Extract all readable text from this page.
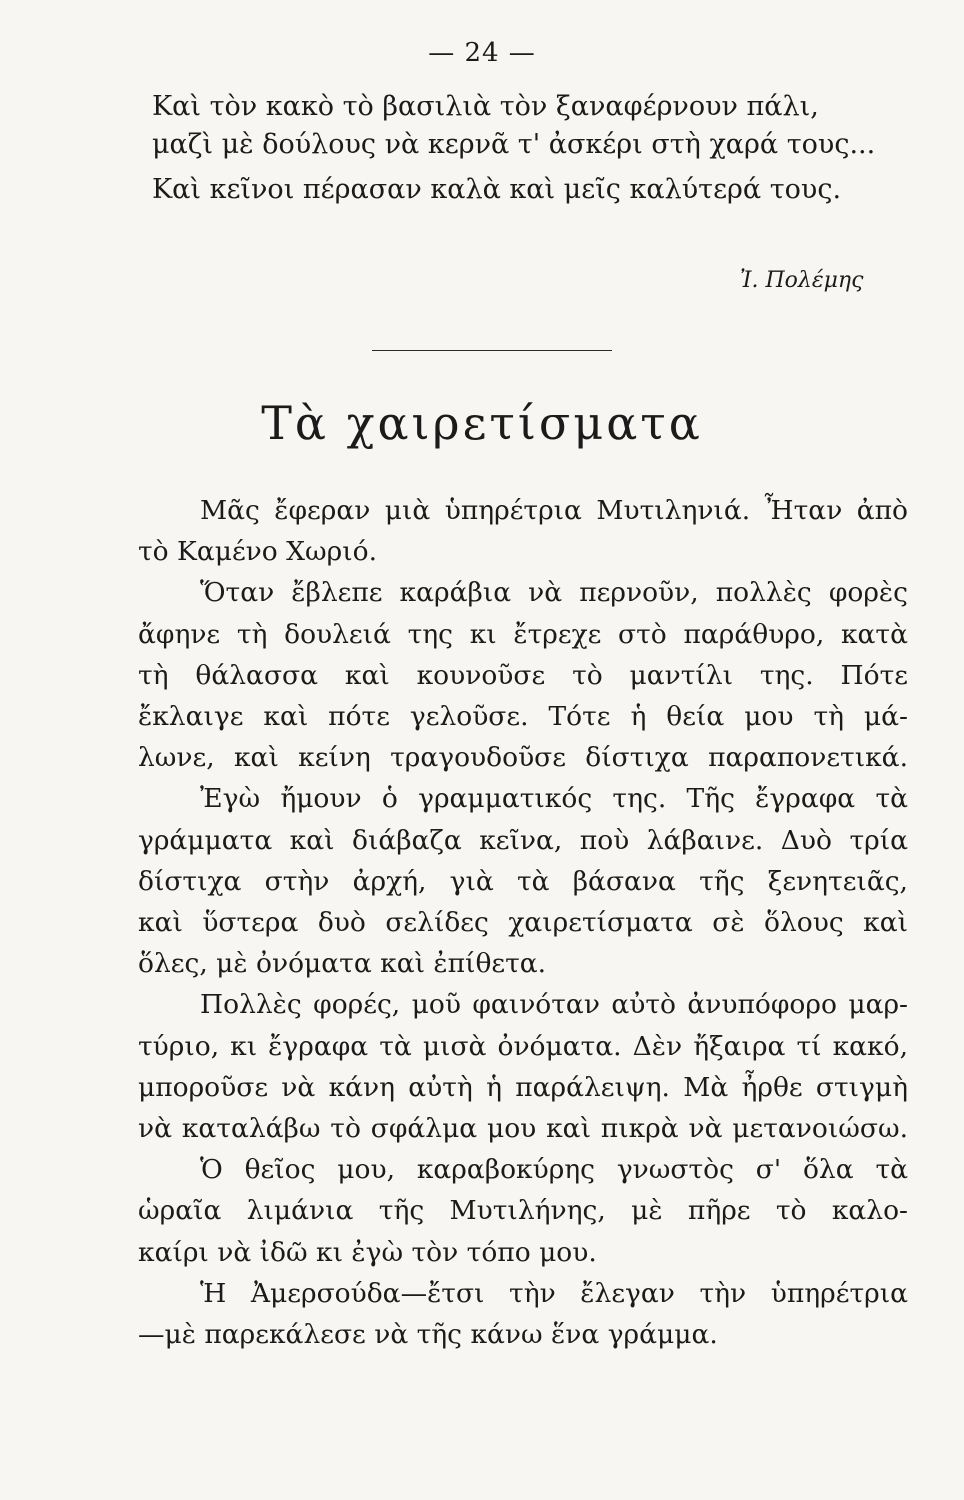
— 24 —
Καὶ τὸν κακὸ τὸ βασιλιὰ τὸν ξαναφέρνουν πάλι,
μαζὶ μὲ δούλους νὰ κερνᾶ τ' ἀσκέρι στὴ χαρά τους...
Καὶ κεῖνοι πέρασαν καλὰ καὶ μεῖς καλύτερά τους.
Ἰ. Πολέμης
Τὰ χαιρετίσματα
Μᾶς ἔφεραν μιὰ ὑπηρέτρια Μυτιληνιά. Ἦταν ἀπὸ
τὸ Καμένο Χωριό.
Ὅταν ἔβλεπε καράβια νὰ περνοῦν, πολλὲς φορὲς
ἄφηνε τὴ δουλειά της κι ἔτρεχε στὸ παράθυρο, κατὰ
τὴ θάλασσα καὶ κουνοῦσε τὸ μαντίλι της. Πότε
ἔκλαιγε καὶ πότε γελοῦσε. Τότε ἡ θεία μου τὴ μά-
λωνε, καὶ κείνη τραγουδοῦσε δίστιχα παραπονετικά.
Ἐγὼ ἤμουν ὁ γραμματικός της. Τῆς ἔγραφα τὰ
γράμματα καὶ διάβαζα κεῖνα, ποὺ λάβαινε. Δυὸ τρία
δίστιχα στὴν ἀρχή, γιὰ τὰ βάσανα τῆς ξενητειᾶς,
καὶ ὕστερα δυὸ σελίδες χαιρετίσματα σὲ ὅλους καὶ
ὅλες, μὲ ὀνόματα καὶ ἐπίθετα.
Πολλὲς φορές, μοῦ φαινόταν αὐτὸ ἀνυπόφορο μαρ-
τύριο, κι ἔγραφα τὰ μισὰ ὀνόματα. Δὲν ἤξαιρα τί κακό,
μποροῦσε νὰ κάνη αὐτὴ ἡ παράλειψη. Μὰ ἦρθε στιγμὴ
νὰ καταλάβω τὸ σφάλμα μου καὶ πικρὰ νὰ μετανοιώσω.
Ὁ θεῖος μου, καραβοκύρης γνωστὸς σ' ὅλα τὰ
ὡραῖα λιμάνια τῆς Μυτιλήνης, μὲ πῆρε τὸ καλο-
καίρι νὰ ἰδῶ κι ἐγὼ τὸν τόπο μου.
Ἡ Ἀμερσούδα—ἔτσι τὴν ἔλεγαν τὴν ὑπηρέτρια
—μὲ παρεκάλεσε νὰ τῆς κάνω ἕνα γράμμα.
